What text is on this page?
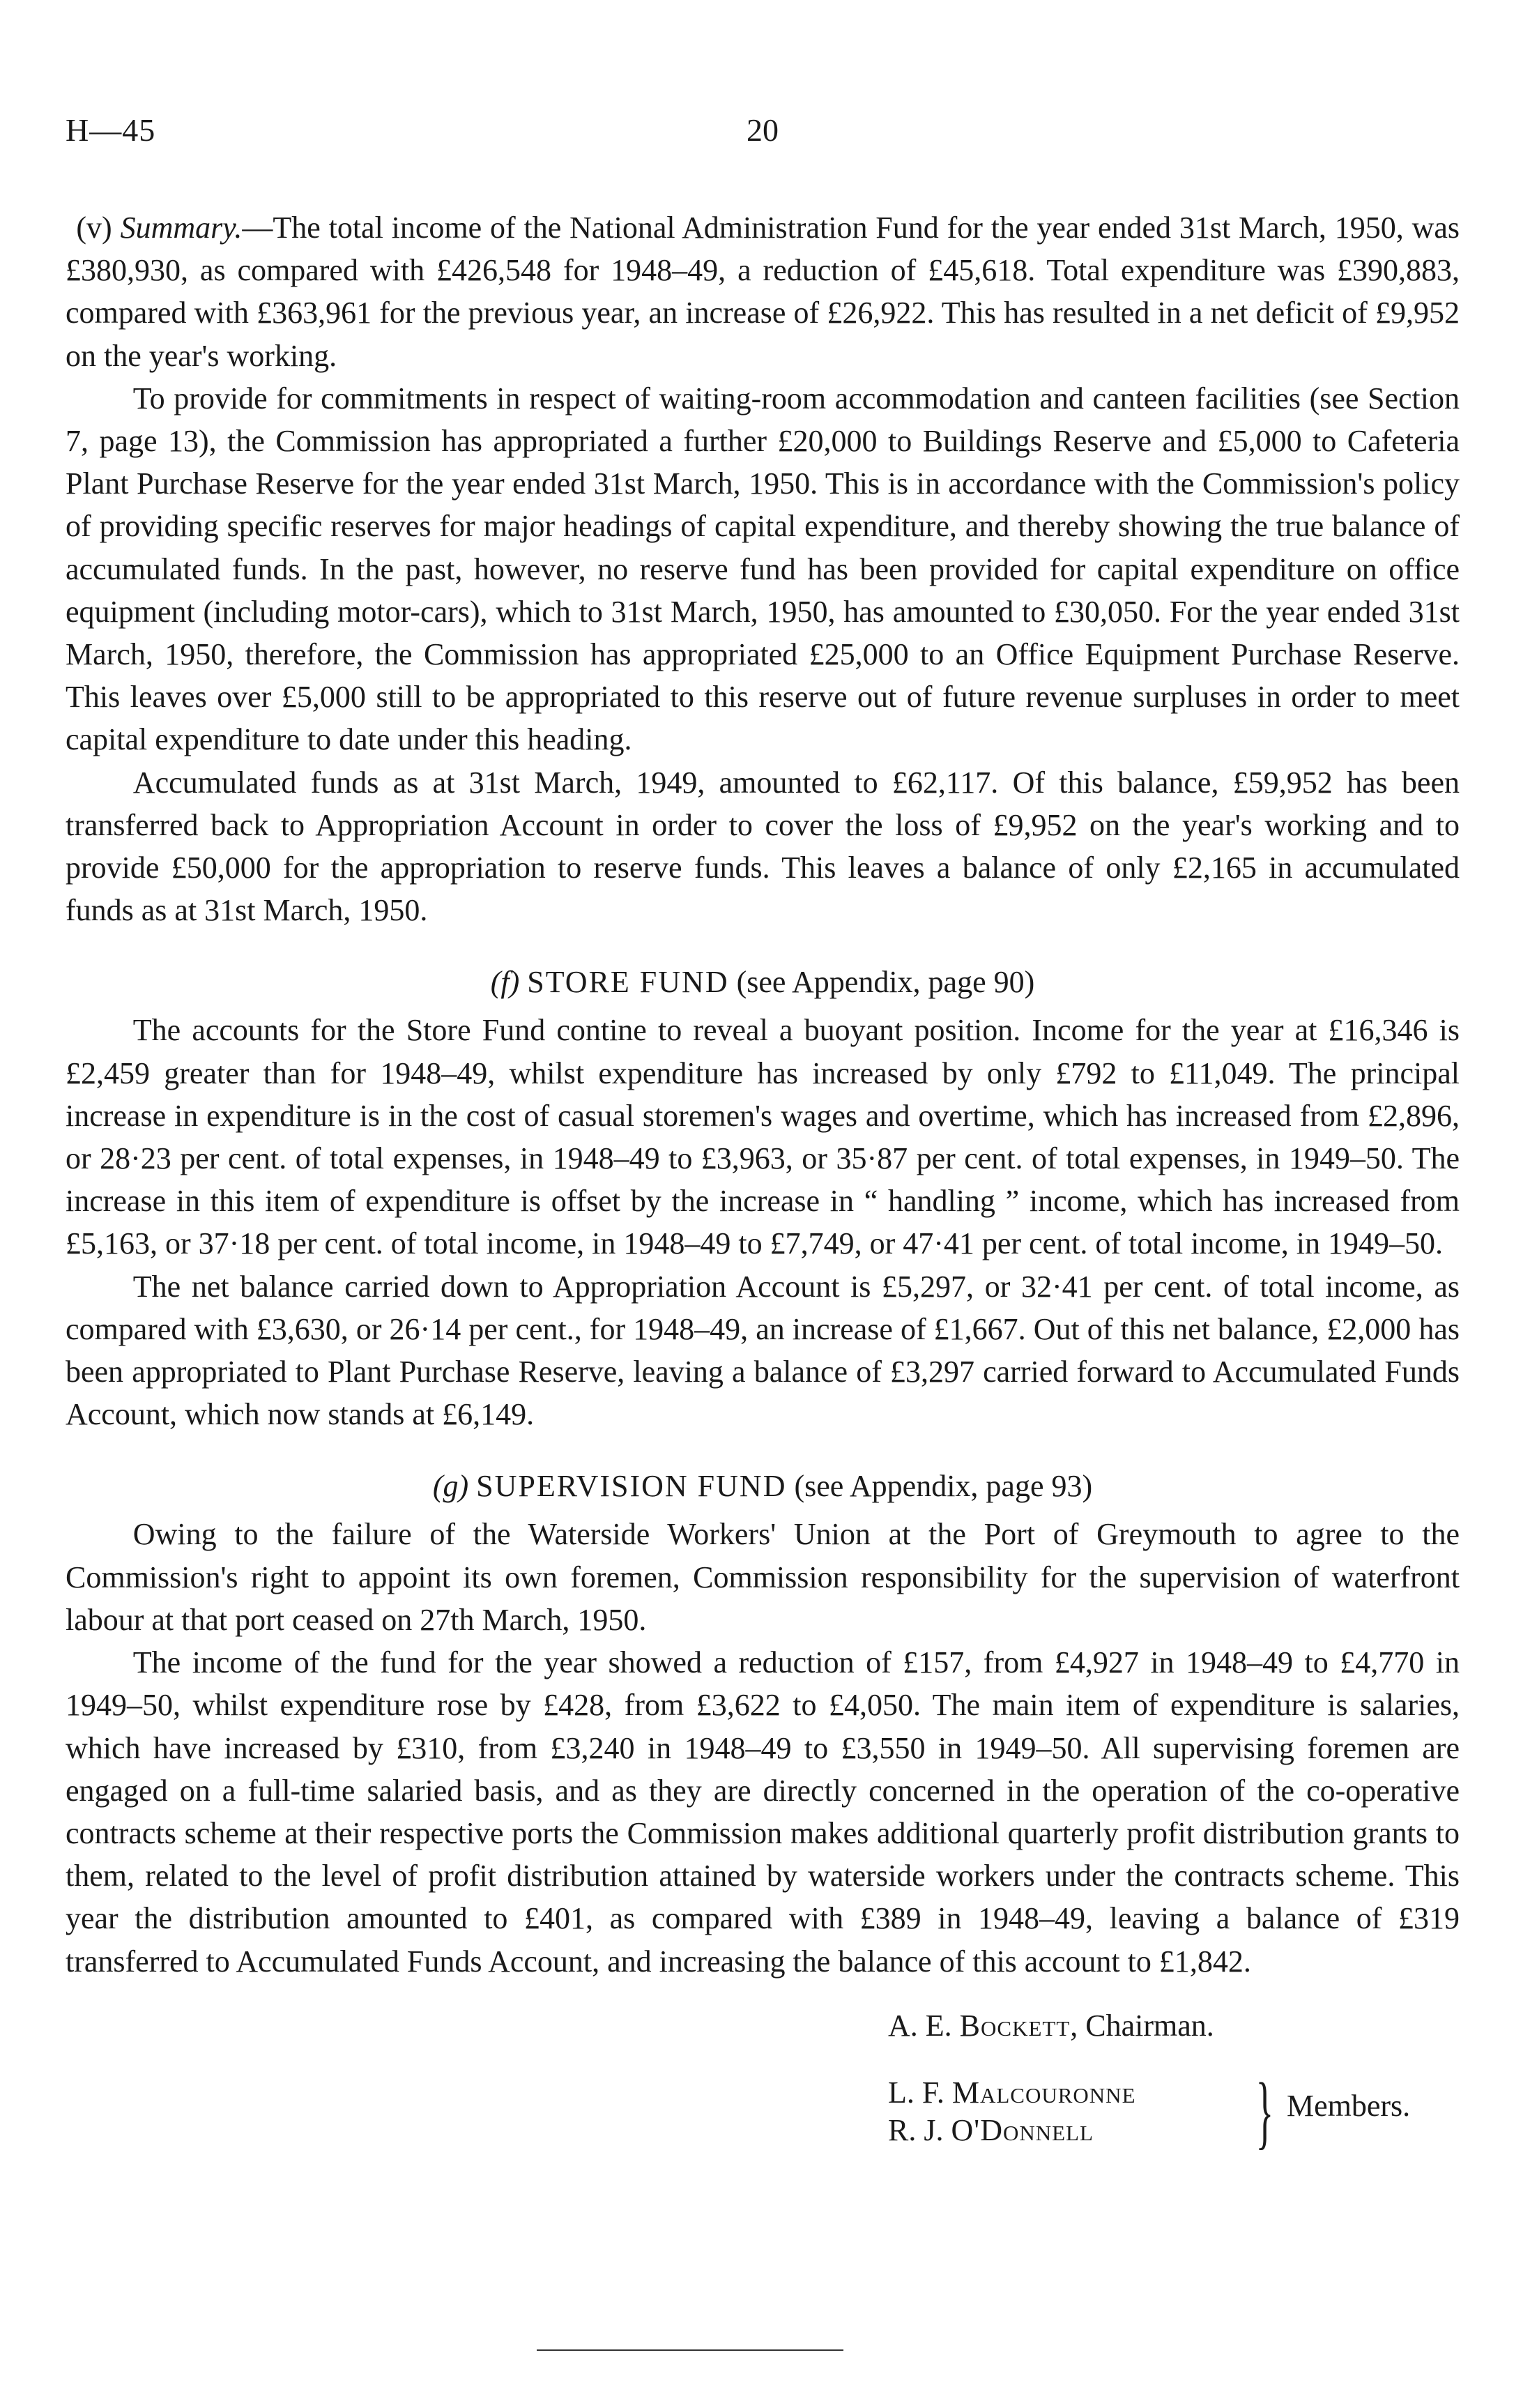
H—45	20

(v) Summary.—The total income of the National Administration Fund for the year ended 31st March, 1950, was £380,930, as compared with £426,548 for 1948–49, a reduction of £45,618. Total expenditure was £390,883, compared with £363,961 for the previous year, an increase of £26,922. This has resulted in a net deficit of £9,952 on the year's working.

To provide for commitments in respect of waiting-room accommodation and canteen facilities (see Section 7, page 13), the Commission has appropriated a further £20,000 to Buildings Reserve and £5,000 to Cafeteria Plant Purchase Reserve for the year ended 31st March, 1950. This is in accordance with the Commission's policy of providing specific reserves for major headings of capital expenditure, and thereby showing the true balance of accumulated funds. In the past, however, no reserve fund has been provided for capital expenditure on office equipment (including motor-cars), which to 31st March, 1950, has amounted to £30,050. For the year ended 31st March, 1950, therefore, the Commission has appropriated £25,000 to an Office Equipment Purchase Reserve. This leaves over £5,000 still to be appropriated to this reserve out of future revenue surpluses in order to meet capital expenditure to date under this heading.

Accumulated funds as at 31st March, 1949, amounted to £62,117. Of this balance, £59,952 has been transferred back to Appropriation Account in order to cover the loss of £9,952 on the year's working and to provide £50,000 for the appropriation to reserve funds. This leaves a balance of only £2,165 in accumulated funds as at 31st March, 1950.

(f) STORE FUND (see Appendix, page 90)

The accounts for the Store Fund contine to reveal a buoyant position. Income for the year at £16,346 is £2,459 greater than for 1948–49, whilst expenditure has increased by only £792 to £11,049. The principal increase in expenditure is in the cost of casual storemen's wages and overtime, which has increased from £2,896, or 28·23 per cent. of total expenses, in 1948–49 to £3,963, or 35·87 per cent. of total expenses, in 1949–50. The increase in this item of expenditure is offset by the increase in “ handling ” income, which has increased from £5,163, or 37·18 per cent. of total income, in 1948–49 to £7,749, or 47·41 per cent. of total income, in 1949–50.

The net balance carried down to Appropriation Account is £5,297, or 32·41 per cent. of total income, as compared with £3,630, or 26·14 per cent., for 1948–49, an increase of £1,667. Out of this net balance, £2,000 has been appropriated to Plant Purchase Reserve, leaving a balance of £3,297 carried forward to Accumulated Funds Account, which now stands at £6,149.

(g) SUPERVISION FUND (see Appendix, page 93)

Owing to the failure of the Waterside Workers' Union at the Port of Greymouth to agree to the Commission's right to appoint its own foremen, Commission responsibility for the supervision of waterfront labour at that port ceased on 27th March, 1950.

The income of the fund for the year showed a reduction of £157, from £4,927 in 1948–49 to £4,770 in 1949–50, whilst expenditure rose by £428, from £3,622 to £4,050. The main item of expenditure is salaries, which have increased by £310, from £3,240 in 1948–49 to £3,550 in 1949–50. All supervising foremen are engaged on a full-time salaried basis, and as they are directly concerned in the operation of the co-operative contracts scheme at their respective ports the Commission makes additional quarterly profit distribution grants to them, related to the level of profit distribution attained by waterside workers under the contracts scheme. This year the distribution amounted to £401, as compared with £389 in 1948–49, leaving a balance of £319 transferred to Accumulated Funds Account, and increasing the balance of this account to £1,842.

A. E. Bockett, Chairman.
L. F. Malcouronne
R. J. O'Donnell } Members.
